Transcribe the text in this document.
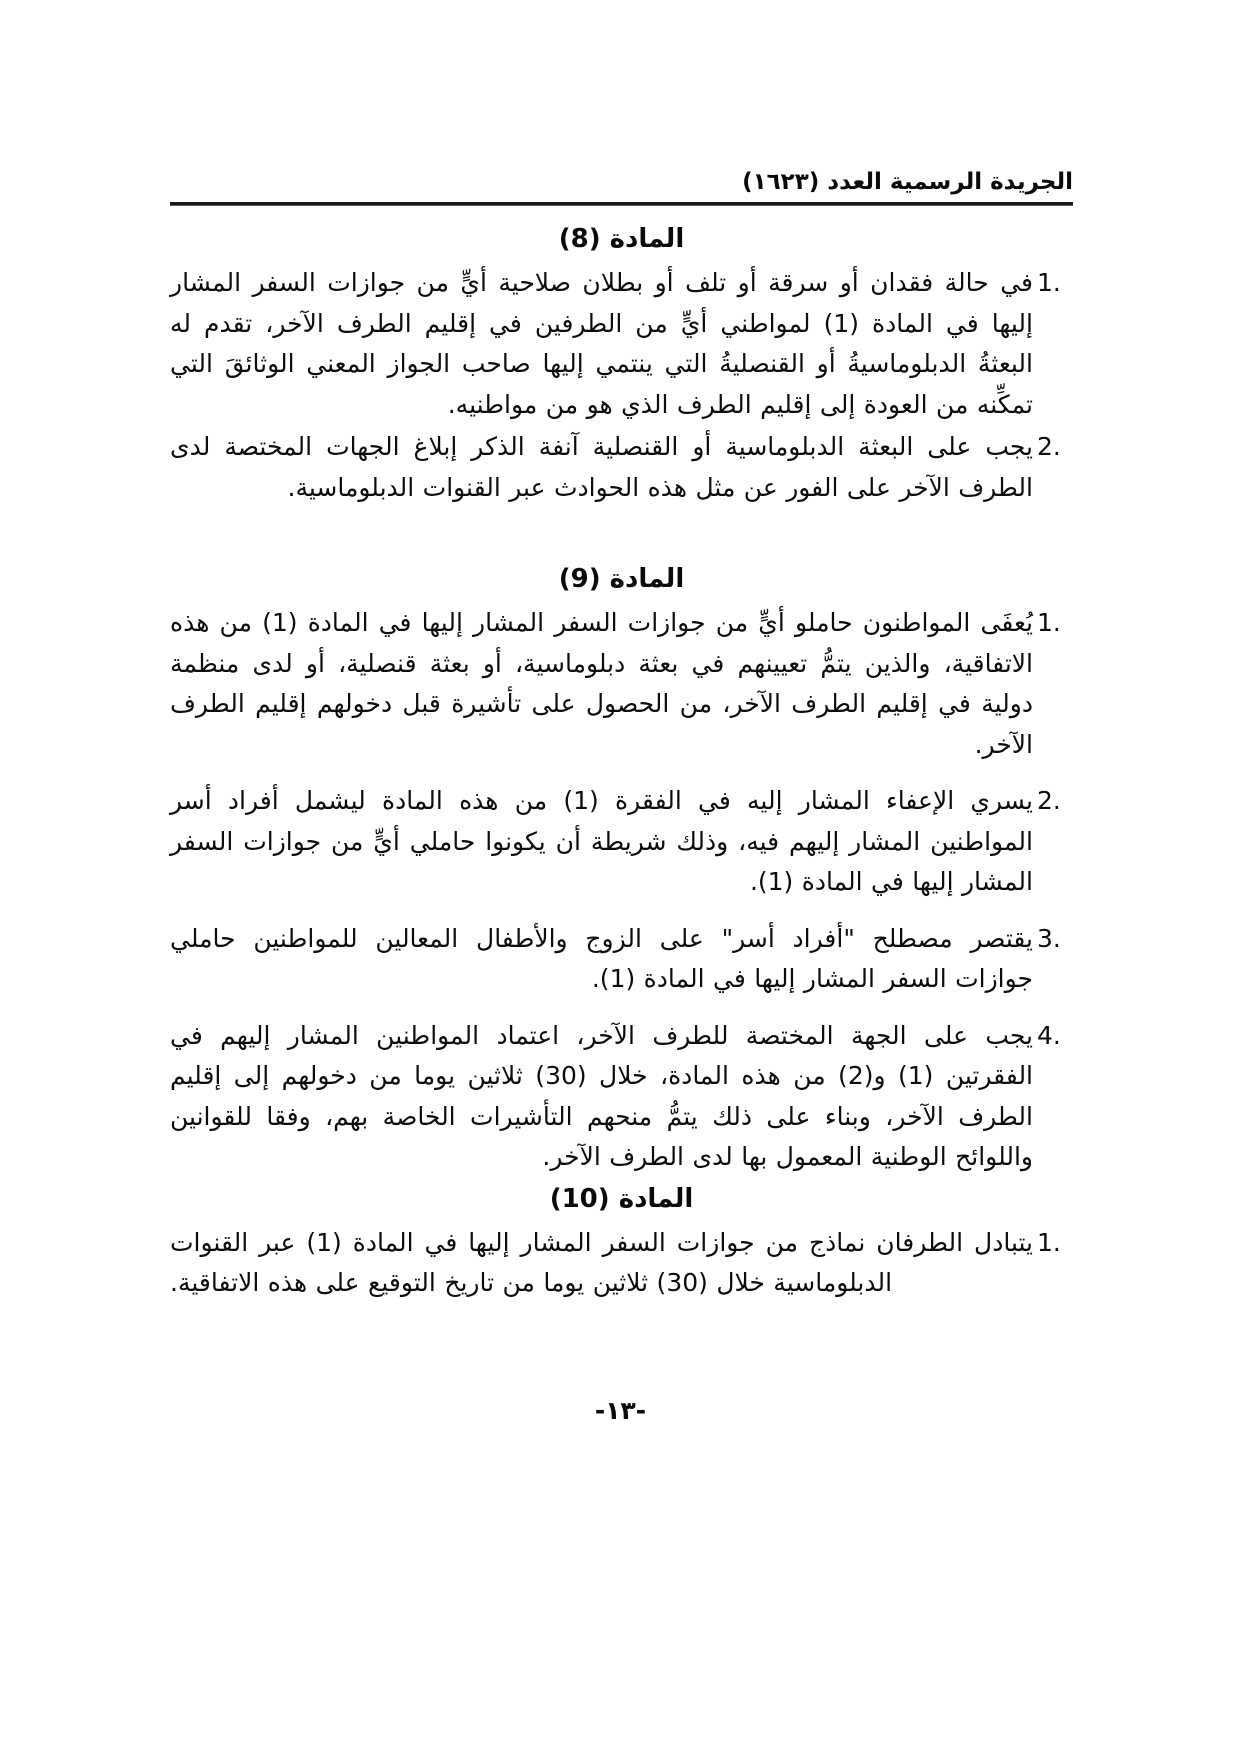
الجريدة الرسمية العدد (١٦٢٣)
المادة (8)
.1
في حالة فقدان أو سرقة أو تلف أو بطلان صلاحية أيٍّ من جوازات السفر المشار إليها في المادة (1) لمواطني أيٍّ من الطرفين في إقليم الطرف الآخر، تقدم له البعثةُ الدبلوماسيةُ أو القنصليةُ التي ينتمي إليها صاحب الجواز المعني الوثائقَ التي تمكِّنه من العودة إلى إقليم الطرف الذي هو من مواطنيه.
.2
يجب على البعثة الدبلوماسية أو القنصلية آنفة الذكر إبلاغ الجهات المختصة لدى الطرف الآخر على الفور عن مثل هذه الحوادث عبر القنوات الدبلوماسية.
المادة (9)
.1
يُعفَى المواطنون حاملو أيٍّ من جوازات السفر المشار إليها في المادة (1) من هذه الاتفاقية، والذين يتمُّ تعيينهم في بعثة دبلوماسية، أو بعثة قنصلية، أو لدى منظمة دولية في إقليم الطرف الآخر، من الحصول على تأشيرة قبل دخولهم إقليم الطرف الآخر.
.2
يسري الإعفاء المشار إليه في الفقرة (1) من هذه المادة ليشمل أفراد أسر المواطنين المشار إليهم فيه، وذلك شريطة أن يكونوا حاملي أيٍّ من جوازات السفر المشار إليها في المادة (1).
.3
يقتصر مصطلح "أفراد أسر" على الزوج والأطفال المعالين للمواطنين حاملي جوازات السفر المشار إليها في المادة (1).
.4
يجب على الجهة المختصة للطرف الآخر، اعتماد المواطنين المشار إليهم في الفقرتين (1) و(2) من هذه المادة، خلال (30) ثلاثين يوما من دخولهم إلى إقليم الطرف الآخر، وبناء على ذلك يتمُّ منحهم التأشيرات الخاصة بهم، وفقا للقوانين واللوائح الوطنية المعمول بها لدى الطرف الآخر.
المادة (10)
.1
يتبادل الطرفان نماذج من جوازات السفر المشار إليها في المادة (1) عبر القنوات الدبلوماسية خلال (30) ثلاثين يوما من تاريخ التوقيع على هذه الاتفاقية.
-١٣-
